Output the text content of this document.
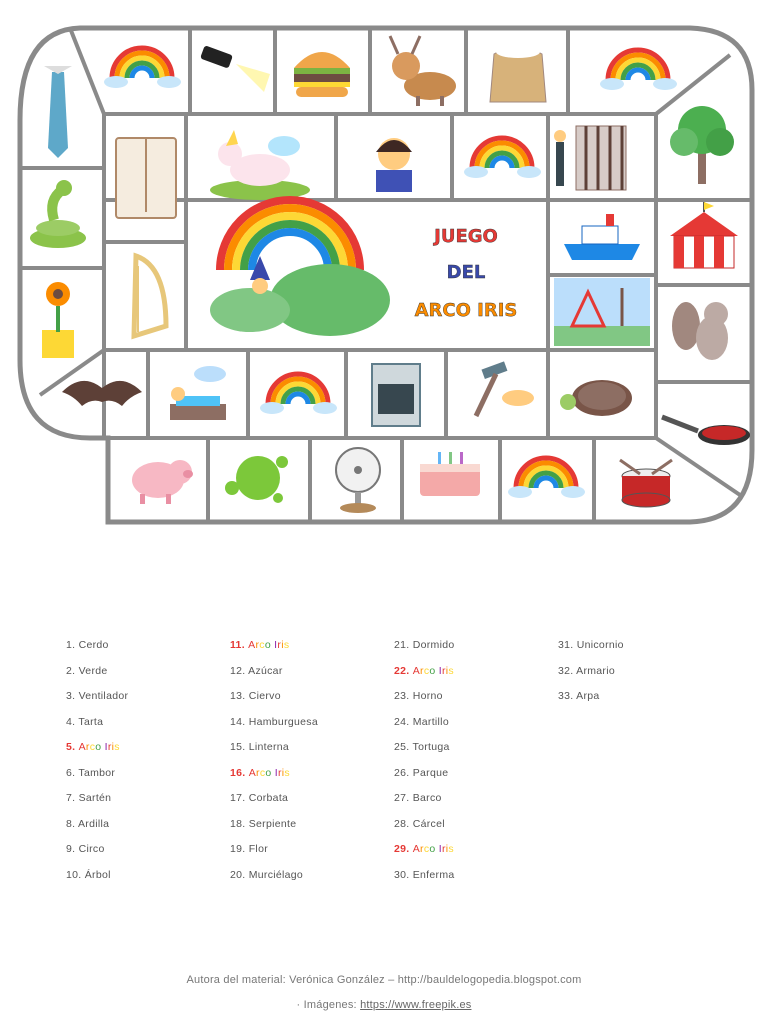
JUEGO
DEL
ARCO IRIS
1. Cerdo
2. Verde
3. Ventilador
4. Tarta
5. Arco Iris
6. Tambor
7. Sartén
8. Ardilla
9. Circo
10. Árbol
11. Arco Iris
12. Azúcar
13. Ciervo
14. Hamburguesa
15. Linterna
16. Arco Iris
17. Corbata
18. Serpiente
19. Flor
20. Murciélago
21. Dormido
22. Arco Iris
23. Horno
24. Martillo
25. Tortuga
26. Parque
27. Barco
28. Cárcel
29. Arco Iris
30. Enferma
31. Unicornio
32. Armario
33. Arpa
Autora del material: Verónica González – http://bauldelogopedia.blogspot.com
· Imágenes: https://www.freepik.es
